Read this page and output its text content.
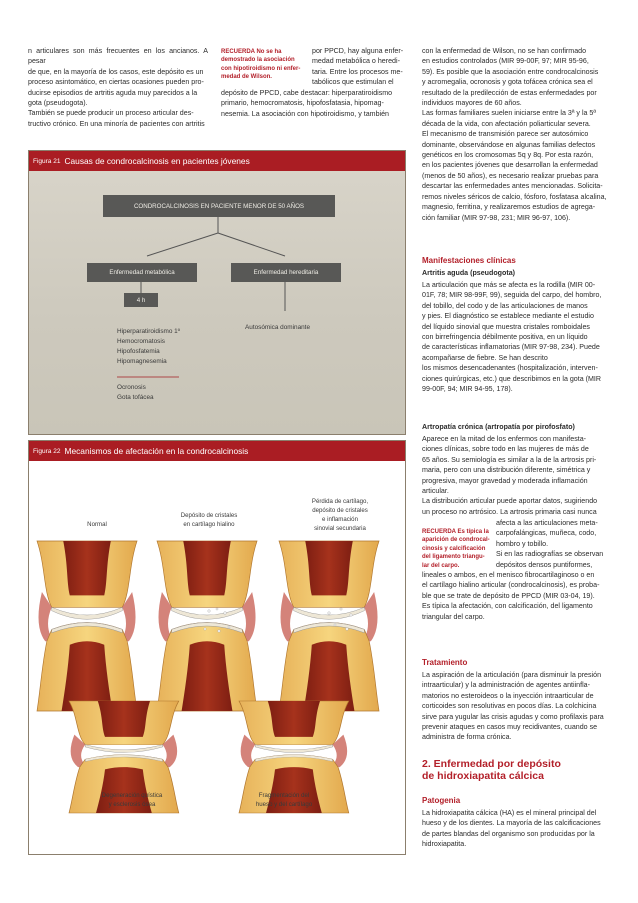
n articulares son más frecuentes en los ancianos. A pesar

de que, en la mayoría de los casos, este depósito es un

proceso asintomático, en ciertas ocasiones pueden pro-

ducirse episodios de artritis aguda muy parecidos a la

gota (pseudogota).

También se puede producir un proceso articular des-

tructivo crónico. En una minoría de pacientes con artritis

RECUERDA No se ha
demostrado la asociación
con hipotiroidismo ni enfer-
medad de Wilson.

por PPCD, hay alguna enfer-

medad metabólica o heredi-

taria. Entre los procesos me-

tabólicos que estimulan el

depósito de PPCD, cabe destacar: hiperparatiroidismo

primario, hemocromatosis, hipofosfatasia, hipomag-

nesemia. La asociación con hipotiroidismo, y también

Figura 21 Causas de condrocalcinosis en pacientes jóvenes
CONDROCALCINOSIS EN PACIENTE MENOR DE 50 AÑOS
Enfermedad metabólica	Enfermedad hereditaria
4 h
Hiperparatiroidismo 1º
Hemocromatosis
Hipofosfatemia
Hipomagnesemia
Ocronosis
Gota tofácea
Autosómica dominante
Figura 22 Mecanismos de afectación en la condrocalcinosis
Normal
Depósito de cristales
en cartílago hialino
Pérdida de cartílago,
depósito de cristales
e inflamación
sinovial secundaria
Degeneración quística
y esclerosis ósea
Fragmentación del
hueso y del cartílago

con la enfermedad de Wilson, no se han confirmado

en estudios controlados (MIR 99-00F, 97; MIR 95-96,

59). Es posible que la asociación entre condrocalcinosis

y acromegalia, ocronosis y gota tofácea crónica sea el

resultado de la predilección de estas enfermedades por

individuos mayores de 60 años.

Las formas familiares suelen iniciarse entre la 3ª y la 5ª

década de la vida, con afectación poliarticular severa.

El mecanismo de transmisión parece ser autosómico

dominante, observándose en algunas familias defectos

genéticos en los cromosomas 5q y 8q. Por esta razón,

en los pacientes jóvenes que desarrollan la enfermedad

(menos de 50 años), es necesario realizar pruebas para

descartar las enfermedades antes mencionadas. Solicita-

remos niveles séricos de calcio, fósforo, fosfatasa alcalina,

magnesio, ferritina, y realizaremos estudios de agrega-

ción familiar (MIR 97-98, 231; MIR 96-97, 106).

Manifestaciones clínicas
Artritis aguda (pseudogota)

La articulación que más se afecta es la rodilla (MIR 00-

01F, 78; MIR 98-99F, 99), seguida del carpo, del hombro,

del tobillo, del codo y de las articulaciones de manos

y pies. El diagnóstico se establece mediante el estudio

del líquido sinovial que muestra cristales romboidales

con birrefringencia débilmente positiva, en un líquido

de características inflamatorias (MIR 97-98, 234). Puede

acompañarse de fiebre. Se han descrito

los mismos desencadenantes (hospitalización, interven-

ciones quirúrgicas, etc.) que describimos en la gota (MIR

99-00F, 94; MIR 94-95, 178).

Artropatía crónica (artropatía por pirofosfato)

Aparece en la mitad de los enfermos con manifesta-

ciones clínicas, sobre todo en las mujeres de más de

65 años. Su semiología es similar a la de la artrosis pri-

maria, pero con una distribución diferente, simétrica y

progresiva, mayor gravedad y moderada inflamación

articular.

La distribución articular puede aportar datos, sugiriendo

un proceso no artrósico. La artrosis primaria casi nunca

RECUERDA Es típica la
aparición de condrocal-
cinosis y calcificación
del ligamento triangu-
lar del carpo.

afecta a las articulaciones meta-

carpofalángicas, muñeca, codo,

hombro y tobillo.

Si en las radiografías se observan

depósitos densos puntiformes,

lineales o ambos, en el menisco fibrocartilaginoso o en

el cartílago hialino articular (condrocalcinosis), es proba-

ble que se trate de depósito de PPCD (MIR 03-04, 19).

Es típica la afectación, con calcificación, del ligamento

triangular del carpo.

Tratamiento

La aspiración de la articulación (para disminuir la presión

intraarticular) y la administración de agentes antiinfla-

matorios no esteroideos o la inyección intraarticular de

corticoides son resolutivas en pocos días. La colchicina

sirve para yugular las crisis agudas y como profilaxis para

prevenir ataques en casos muy recidivantes, cuando se

administra de forma crónica.

2. Enfermedad por depósito
de hidroxiapatita cálcica
Patogenia

La hidroxiapatita cálcica (HA) es el mineral principal del

hueso y de los dientes. La mayoría de las calcificaciones

de partes blandas del organismo son producidas por la

hidroxiapatita.
